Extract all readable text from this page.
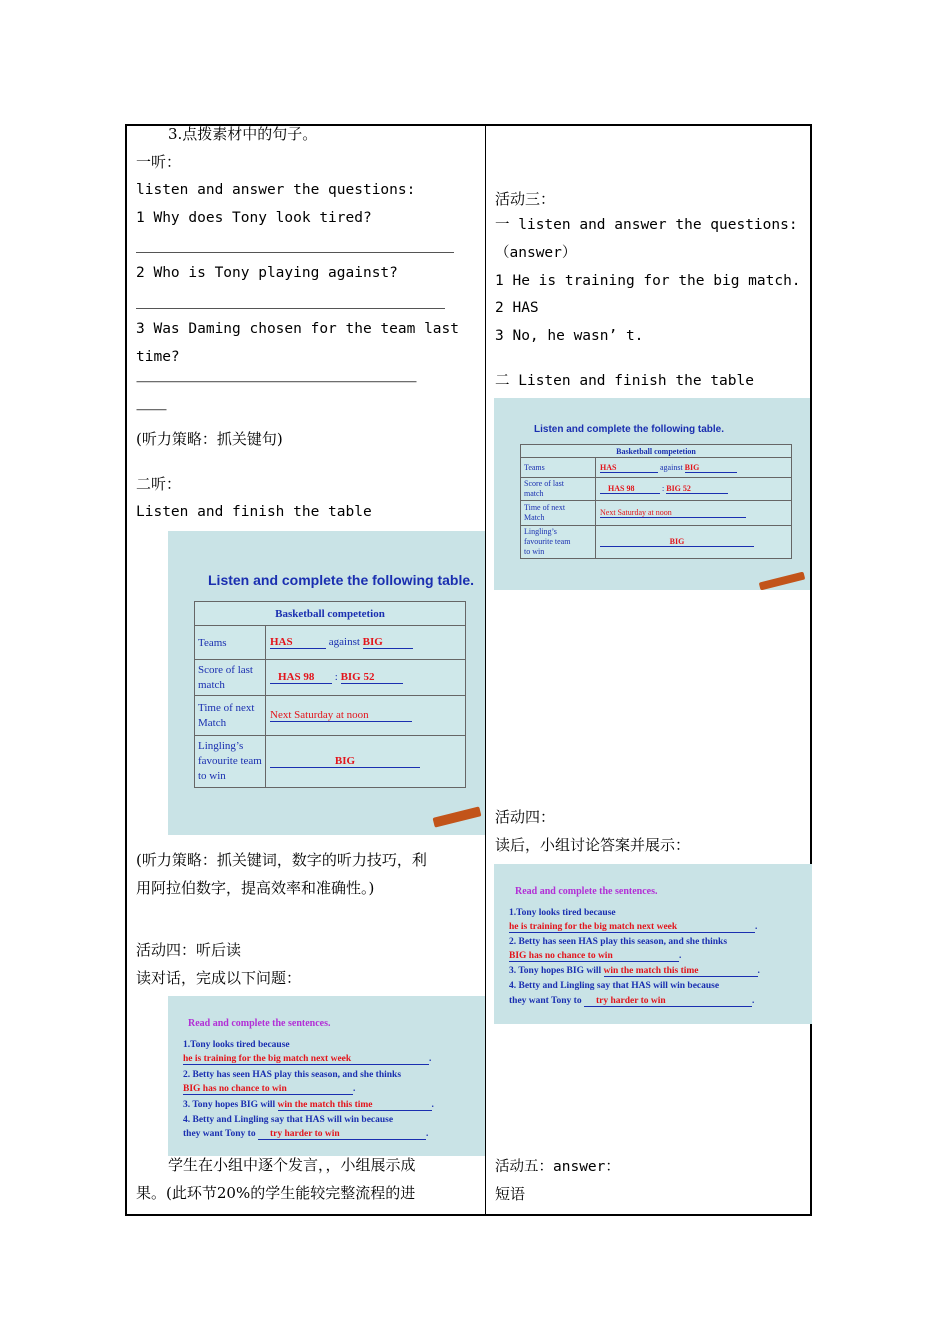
3.点拨素材中的句子。
一听：
listen and answer the questions:
1 Why does Tony look tired?
2 Who is Tony playing against?
3 Was Daming chosen for the team last
time?
————————————————————————————
———
(听力策略：抓关键句)
二听：
Listen and finish the table
Listen and complete the following table.
Basketball competetion	
Teams	HAS against BIG
Score of last
match	HAS 98 : BIG 52
Time of next
Match	Next Saturday at noon
Lingling’s
favourite team
to win	BIG
(听力策略：抓关键词，数字的听力技巧，利
用阿拉伯数字，提高效率和准确性。)
活动四：听后读
读对话，完成以下问题：
Read and complete the sentences.
1.Tony looks tired because
he is training for the big match next week	.
2. Betty has seen HAS play this season, and she thinks
BIG has no chance to win	.
3. Tony hopes BIG will win the match this time	.
4. Betty and Lingling say that HAS will win because
they want Tony to try harder to win	.
学生在小组中逐个发言，，小组展示成
果。(此环节20%的学生能较完整流程的进
活动三：
一 listen and answer the questions:
（answer）
1 He is training for the big match.
2 HAS
3 No, he wasn’ t.
二 Listen and finish the table
Listen and complete the following table.
Basketball competetion	
Teams	HAS against BIG
Score of last
match	HAS 98 : BIG 52
Time of next
Match	Next Saturday at noon
Lingling’s
favourite team
to win	BIG
活动四：
读后，小组讨论答案并展示：
Read and complete the sentences.
1.Tony looks tired because
he is training for the big match next week	.
2. Betty has seen HAS play this season, and she thinks
BIG has no chance to win	.
3. Tony hopes BIG will win the match this time	.
4. Betty and Lingling say that HAS will win because
they want Tony to try harder to win	.
活动五：answer：
短语
